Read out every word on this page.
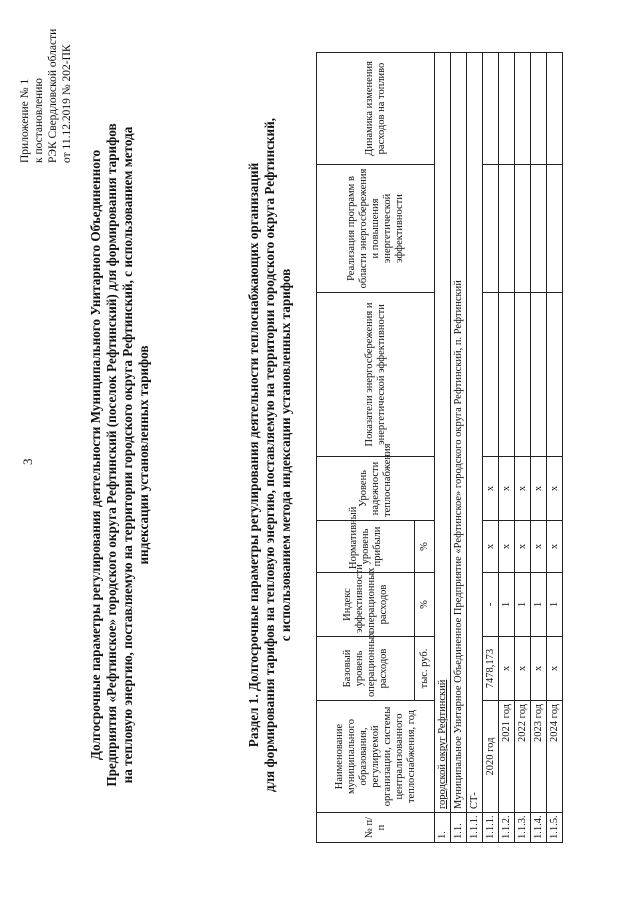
3
Приложение № 1 к постановлению РЭК Свердловской области от 11.12.2019 № 202-ПК
Долгосрочные параметры регулирования деятельности Муниципального Унитарного Объединенного Предприятия «Рефтинское» городского округа Рефтинский (поселок Рефтинский) для формирования тарифов на тепловую энергию, поставляемую на территории городского округа Рефтинский, с использованием метода индексации установленных тарифов	Раздел 1. Долгосрочные параметры регулирования деятельности теплоснабжающих организаций для формирования тарифов на тепловую энергию, поставляемую на территории городского округа Рефтинский, с использованием метода индексации установленных тарифов
№ п/п	Наименование муниципального образования, регулируемой организации, системы централизованного теплоснабжения, год	Базовый уровень операционных расходов	Индекс эффективности операционных расходов	Нормативный уровень прибыли	Уровень надежности теплоснабжения	Показатели энергосбережения и энергетической эффективности	Реализация программ в области энергосбережения и повышения энергетической эффективности	Динамика изменения расходов на топливо
		тыс. руб.	%	%				
1.	городской округ Рефтинский							
1.1.	Муниципальное Унитарное Объединенное Предприятие «Рефтинское» городского округа Рефтинский, п. Рефтинский							
1.1.1.	СТ-							
1.1.1.	2020 год	7478,173	-	х	х			
1.1.2.	2021 год	х	1	х	х			
1.1.3.	2022 год	х	1	х	х			
1.1.4.	2023 год	х	1	х	х			
1.1.5.	2024 год	х	1	х	х			
